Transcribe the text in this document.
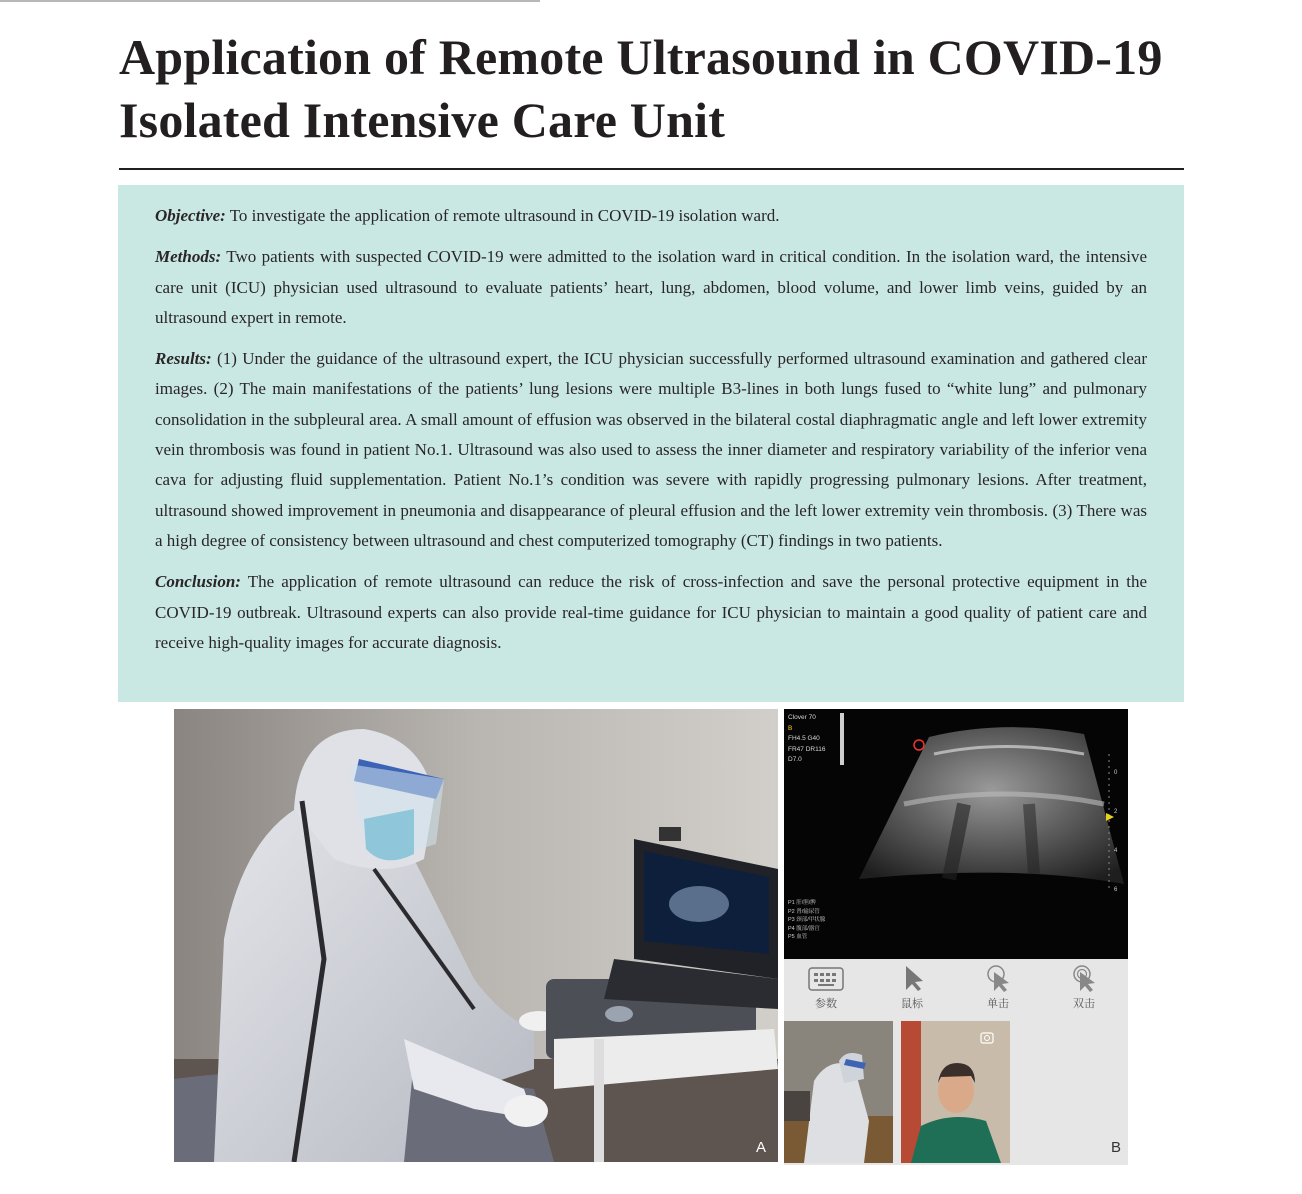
Application of Remote Ultrasound in COVID-19 Isolated Intensive Care Unit

Objective: To investigate the application of remote ultrasound in COVID-19 isolation ward.

Methods: Two patients with suspected COVID-19 were admitted to the isolation ward in critical condition. In the isolation ward, the intensive care unit (ICU) physician used ultrasound to evaluate patients’ heart, lung, abdomen, blood volume, and lower limb veins, guided by an ultrasound expert in remote.

Results: (1) Under the guidance of the ultrasound expert, the ICU physician successfully performed ultrasound examination and gathered clear images. (2) The main manifestations of the patients’ lung lesions were multiple B3-lines in both lungs fused to “white lung” and pulmonary consolidation in the subpleural area. A small amount of effusion was observed in the bilateral costal diaphragmatic angle and left lower extremity vein thrombosis was found in patient No.1. Ultrasound was also used to assess the inner diameter and respiratory variability of the inferior vena cava for adjusting fluid supplementation. Patient No.1’s condition was severe with rapidly progressing pulmonary lesions. After treatment, ultrasound showed improvement in pneumonia and disappearance of pleural effusion and the left lower extremity vein thrombosis. (3) There was a high degree of consistency between ultrasound and chest computerized tomography (CT) findings in two patients.

Conclusion: The application of remote ultrasound can reduce the risk of cross-infection and save the personal protective equipment in the COVID-19 outbreak. Ultrasound experts can also provide real-time guidance for ICU physician to maintain a good quality of patient care and receive high-quality images for accurate diagnosis.

A
Clover 70
B
FH4.5 G40
FR47 DR116
D7.0
0
2
4
6
P1 肝/胆/脾
P2 肾/输尿管
P3 颈部/甲状腺
P4 腹部/器官
P5 血管
参数	鼠标	单击	双击
B
